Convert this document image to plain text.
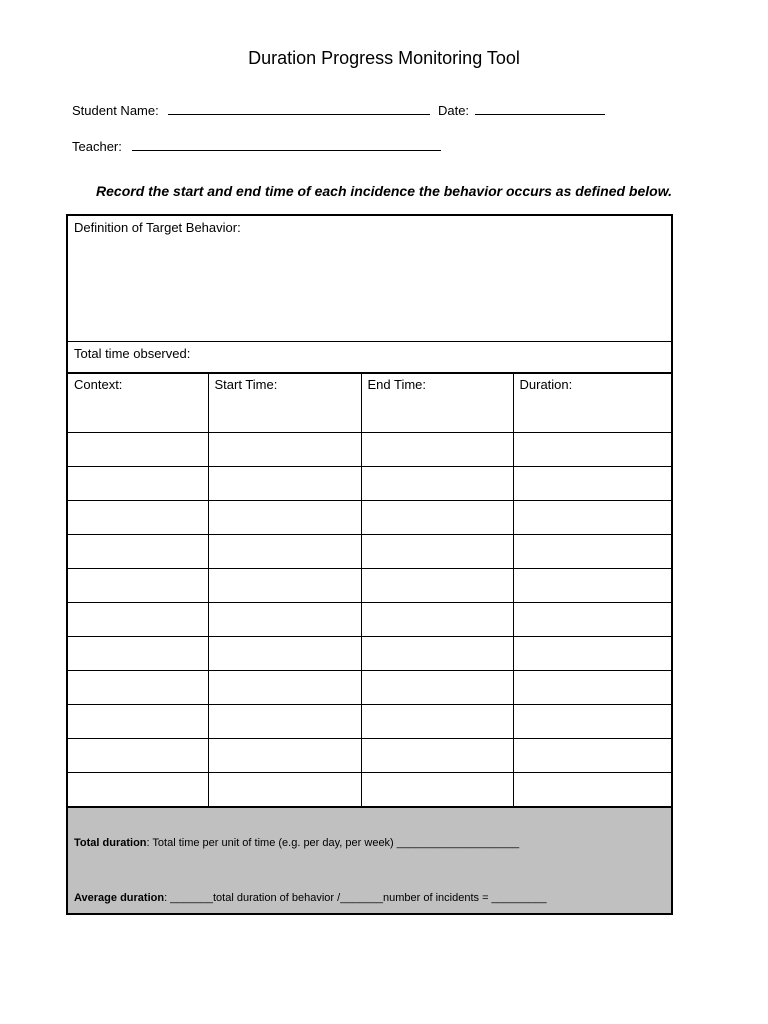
Duration Progress Monitoring Tool
Student Name:	Date:
Teacher:
Record the start and end time of each incidence the behavior occurs as defined below.
Definition of Target Behavior:
Total time observed:
Context:	Start Time:	End Time:	Duration:

Total duration: Total time per unit of time (e.g. per day, per week) ____________________
Average duration: _______total duration of behavior /_______number of incidents = _________
